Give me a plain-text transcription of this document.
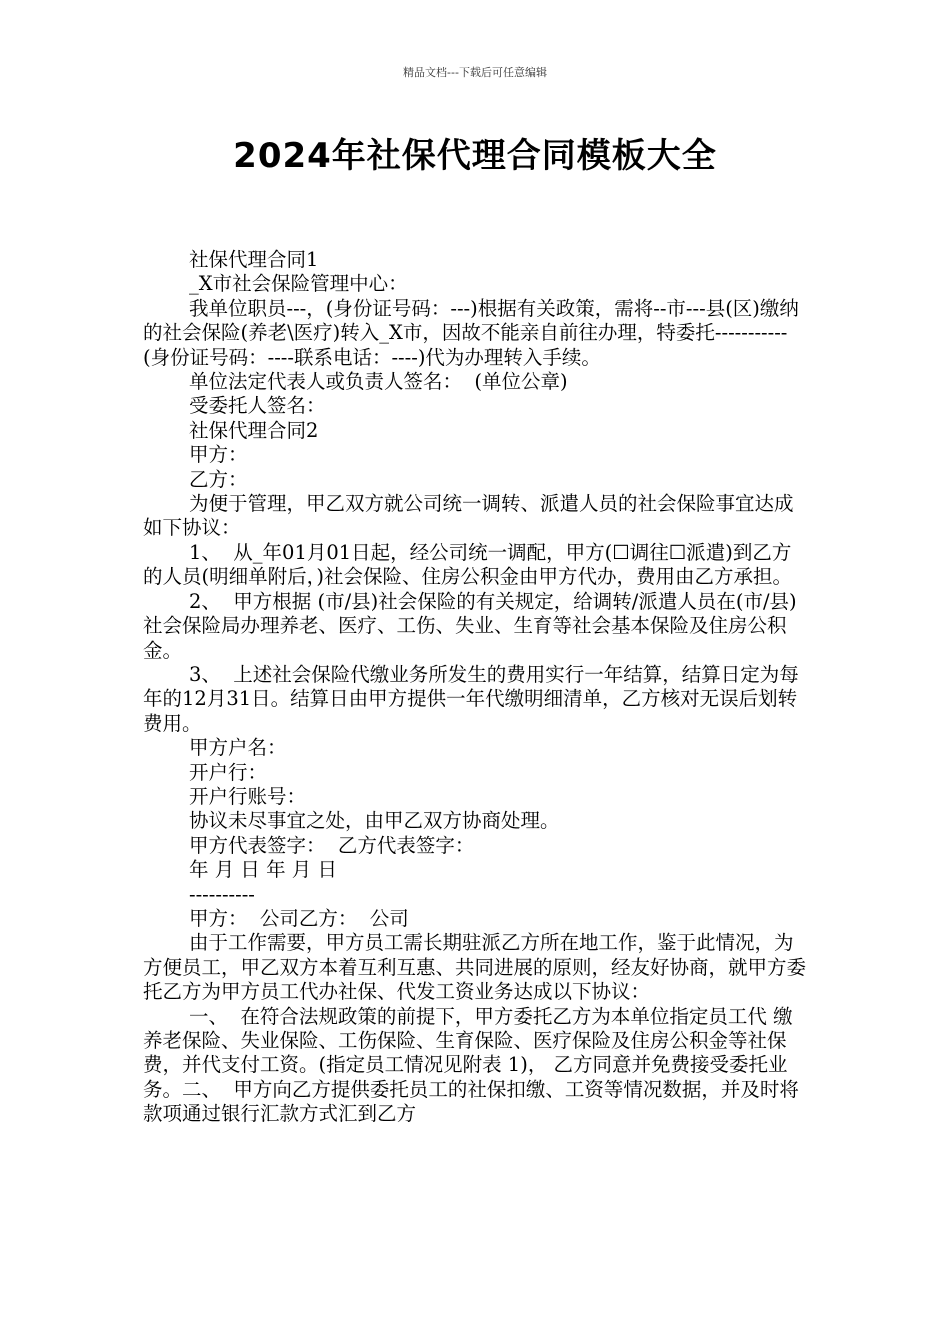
精品文档---下载后可任意编辑
2024年社保代理合同模板大全

社保代理合同1

_X市社会保险管理中心：

我单位职员---，(身份证号码：---)根据有关政策，需将--市---县(区)缴纳的社会保险(养老\医疗)转入_X市，因故不能亲自前往办理，特委托-----------(身份证号码：----联系电话：----)代为办理转入手续。

单位法定代表人或负责人签名：  (单位公章)

受委托人签名：

社保代理合同2

甲方：

乙方：

为便于管理，甲乙双方就公司统一调转、派遣人员的社会保险事宜达成如下协议：

1、  从_年01月01日起，经公司统一调配，甲方(☐调往☐派遣)到乙方的人员(明细单附后，)社会保险、住房公积金由甲方代办，费用由乙方承担。

2、  甲方根据 (市/县)社会保险的有关规定，给调转/派遣人员在(市/县)社会保险局办理养老、医疗、工伤、失业、生育等社会基本保险及住房公积金。

3、  上述社会保险代缴业务所发生的费用实行一年结算，结算日定为每年的12月31日。结算日由甲方提供一年代缴明细清单，乙方核对无误后划转费用。

甲方户名：

开户行：

开户行账号：

协议未尽事宜之处，由甲乙双方协商处理。

甲方代表签字：  乙方代表签字：

年 月 日 年 月 日

----------

甲方：  公司乙方：  公司

由于工作需要，甲方员工需长期驻派乙方所在地工作，鉴于此情况，为方便员工，甲乙双方本着互利互惠、共同进展的原则，经友好协商，就甲方委托乙方为甲方员工代办社保、代发工资业务达成以下协议：

一、  在符合法规政策的前提下，甲方委托乙方为本单位指定员工代 缴养老保险、失业保险、工伤保险、生育保险、医疗保险及住房公积金等社保费，并代支付工资。(指定员工情况见附表 1)， 乙方同意并免费接受委托业务。二、  甲方向乙方提供委托员工的社保扣缴、工资等情况数据，并及时将款项通过银行汇款方式汇到乙方
